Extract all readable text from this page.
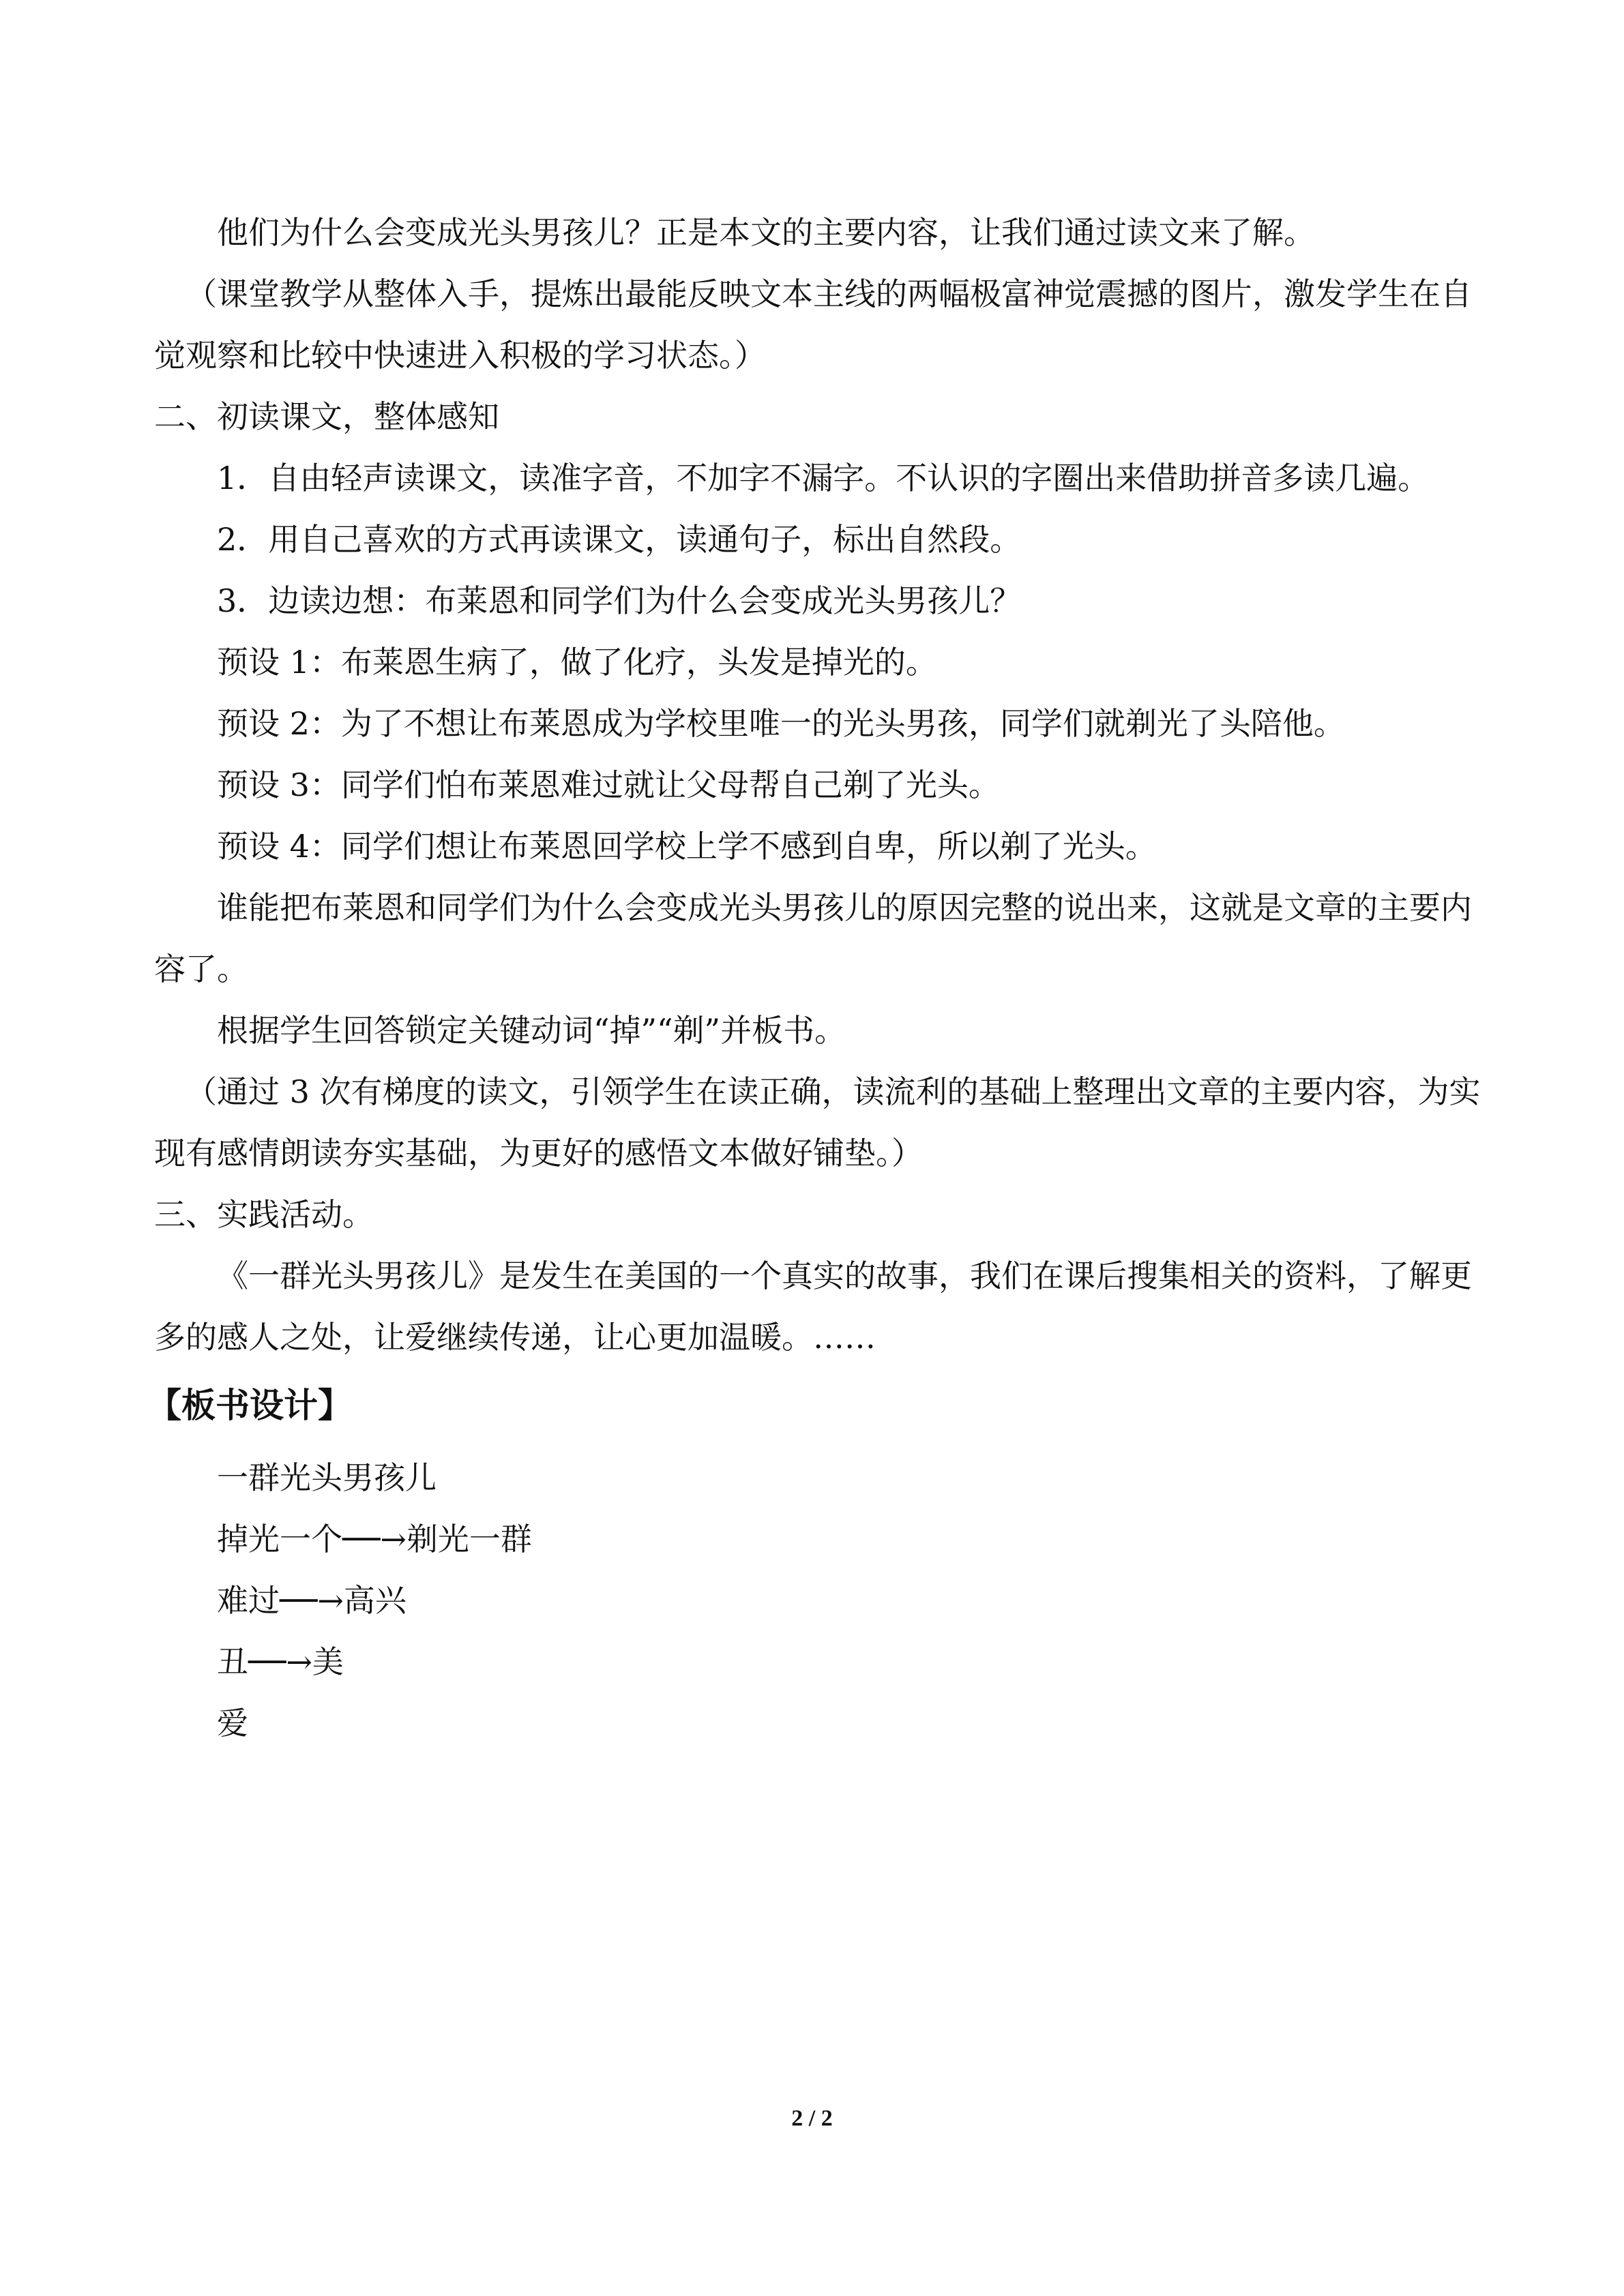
他们为什么会变成光头男孩儿？正是本文的主要内容，让我们通过读文来了解。

（课堂教学从整体入手，提炼出最能反映文本主线的两幅极富神觉震撼的图片，激发学生在自觉观察和比较中快速进入积极的学习状态。）

二、初读课文，整体感知

1．自由轻声读课文，读准字音，不加字不漏字。不认识的字圈出来借助拼音多读几遍。

2．用自己喜欢的方式再读课文，读通句子，标出自然段。

3．边读边想：布莱恩和同学们为什么会变成光头男孩儿？

预设 1：布莱恩生病了，做了化疗，头发是掉光的。

预设 2：为了不想让布莱恩成为学校里唯一的光头男孩，同学们就剃光了头陪他。

预设 3：同学们怕布莱恩难过就让父母帮自己剃了光头。

预设 4：同学们想让布莱恩回学校上学不感到自卑，所以剃了光头。

谁能把布莱恩和同学们为什么会变成光头男孩儿的原因完整的说出来，这就是文章的主要内容了。

根据学生回答锁定关键动词“掉”“剃”并板书。

（通过 3 次有梯度的读文，引领学生在读正确，读流利的基础上整理出文章的主要内容，为实现有感情朗读夯实基础，为更好的感悟文本做好铺垫。）

三、实践活动。

《一群光头男孩儿》是发生在美国的一个真实的故事，我们在课后搜集相关的资料，了解更多的感人之处，让爱继续传递，让心更加温暖。……

【板书设计】

一群光头男孩儿

掉光一个──→剃光一群

难过──→高兴

丑──→美

爱

2 / 2
